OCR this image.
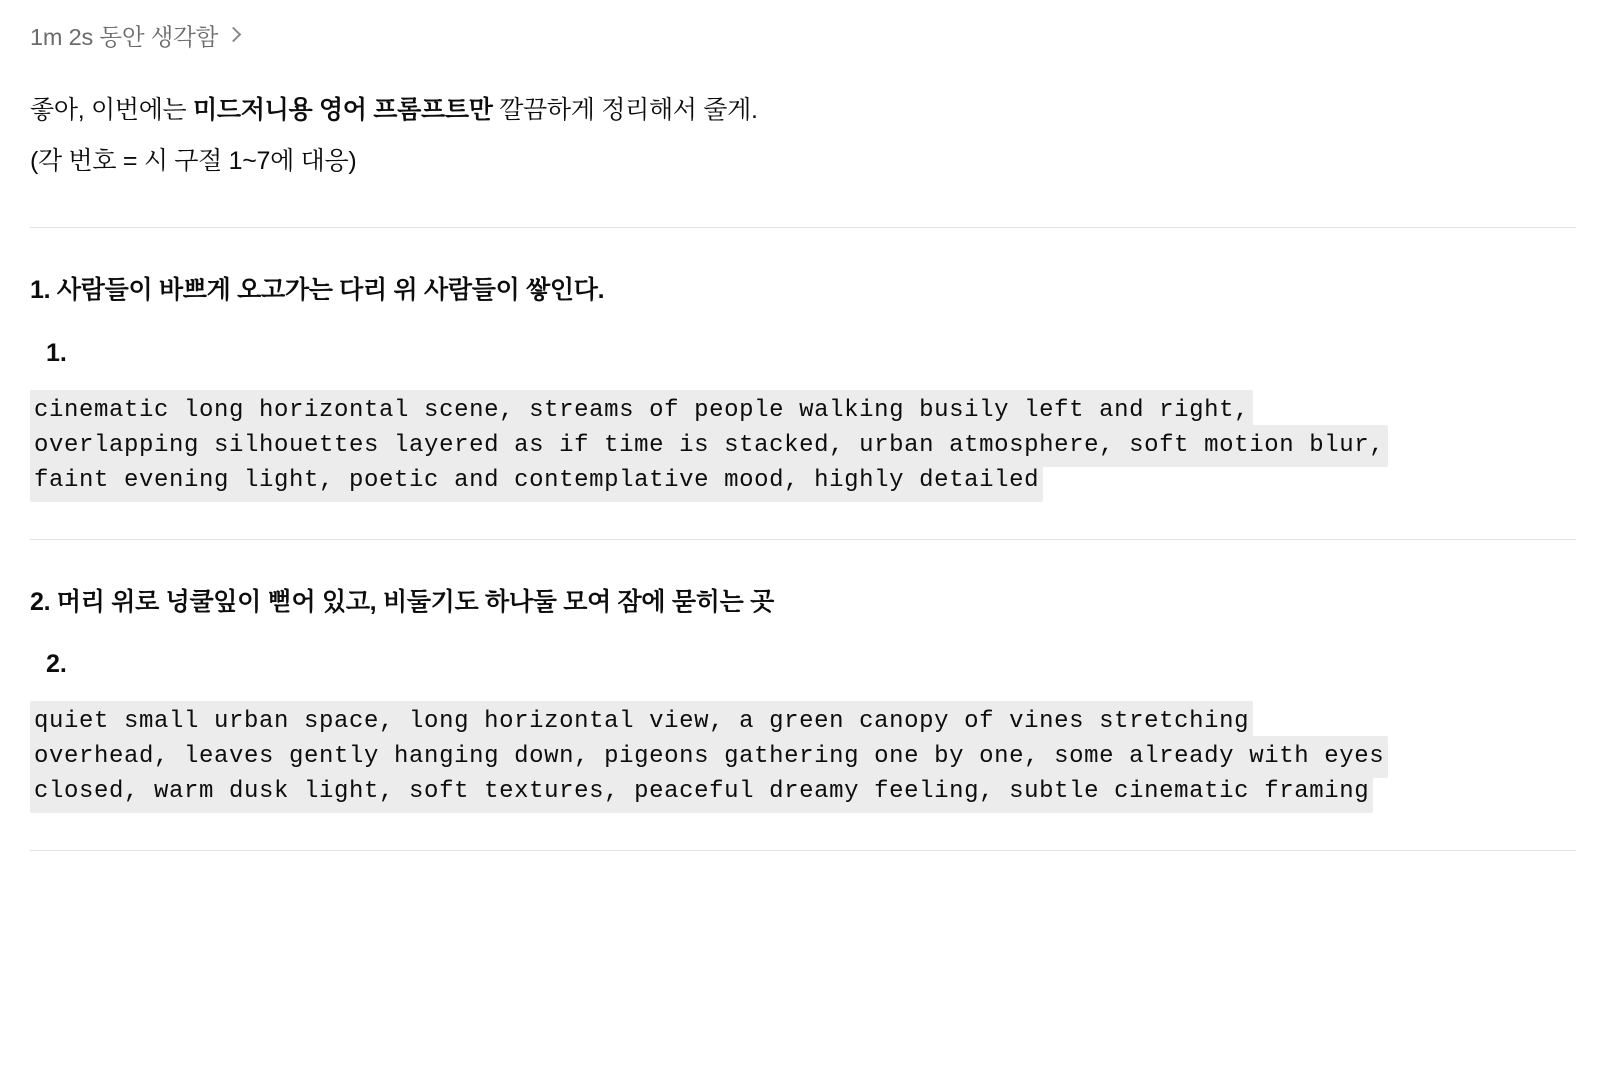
1m 2s 동안 생각함

좋아, 이번에는 미드저니용 영어 프롬프트만 깔끔하게 정리해서 줄게.

(각 번호 = 시 구절 1~7에 대응)

1. 사람들이 바쁘게 오고가는 다리 위 사람들이 쌓인다.
1.
cinematic long horizontal scene, streams of people walking busily left and right,
overlapping silhouettes layered as if time is stacked, urban atmosphere, soft motion blur,
faint evening light, poetic and contemplative mood, highly detailed
2. 머리 위로 넝쿨잎이 뻗어 있고, 비둘기도 하나둘 모여 잠에 묻히는 곳
2.
quiet small urban space, long horizontal view, a green canopy of vines stretching
overhead, leaves gently hanging down, pigeons gathering one by one, some already with eyes
closed, warm dusk light, soft textures, peaceful dreamy feeling, subtle cinematic framing
